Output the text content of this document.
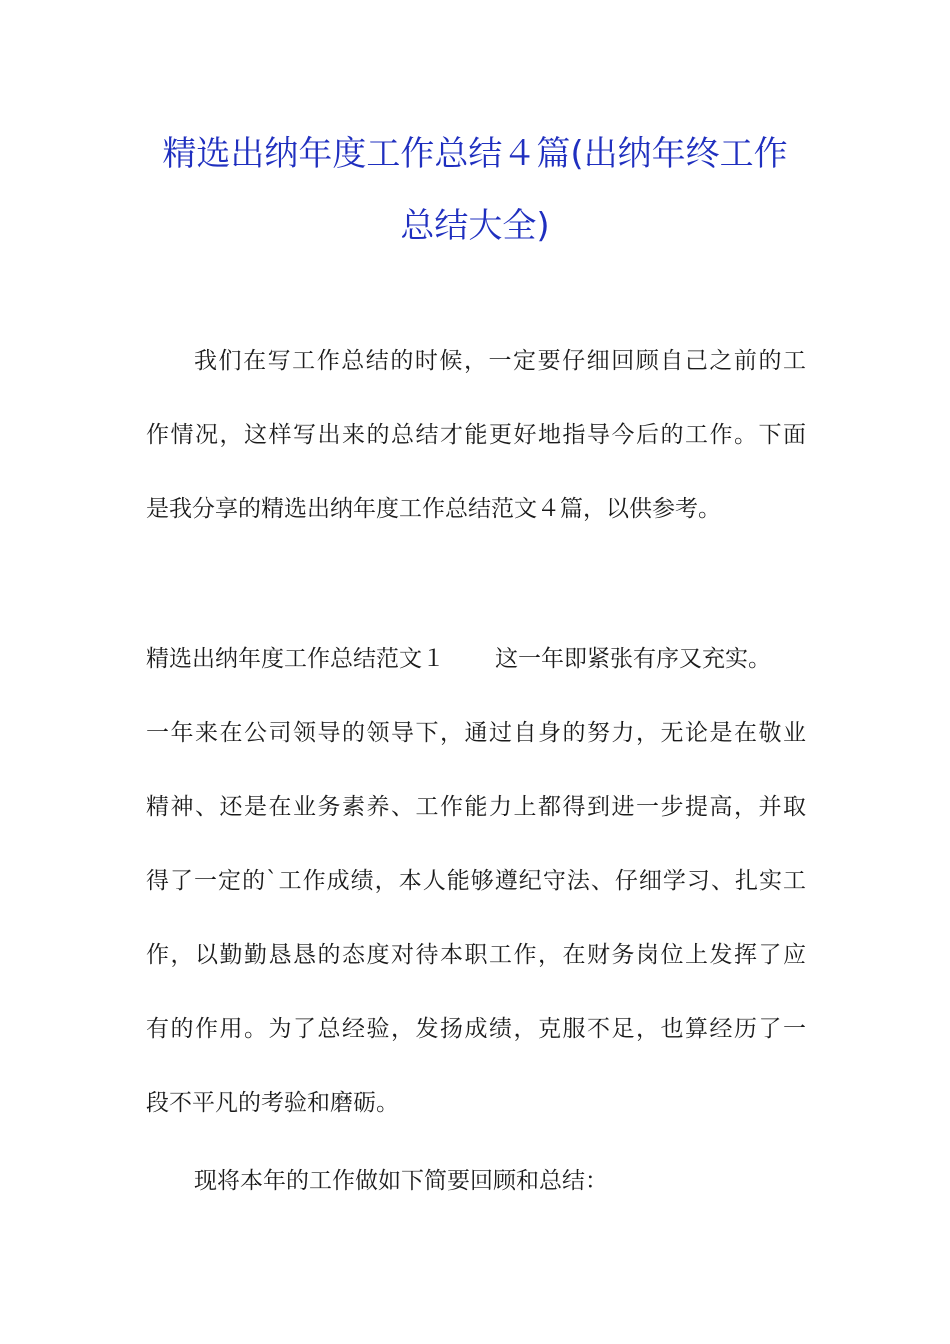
精选出纳年度工作总结４篇(出纳年终工作
总结大全)
我们在写工作总结的时候，一定要仔细回顾自己之前的工
作情况，这样写出来的总结才能更好地指导今后的工作。下面
是我分享的精选出纳年度工作总结范文４篇，以供参考。
精选出纳年度工作总结范文１ 这一年即紧张有序又充实。
一年来在公司领导的领导下，通过自身的努力，无论是在敬业
精神、还是在业务素养、工作能力上都得到进一步提高，并取
得了一定的`工作成绩，本人能够遵纪守法、仔细学习、扎实工
作，以勤勤恳恳的态度对待本职工作，在财务岗位上发挥了应
有的作用。为了总经验，发扬成绩，克服不足，也算经历了一
段不平凡的考验和磨砺。
现将本年的工作做如下简要回顾和总结：
